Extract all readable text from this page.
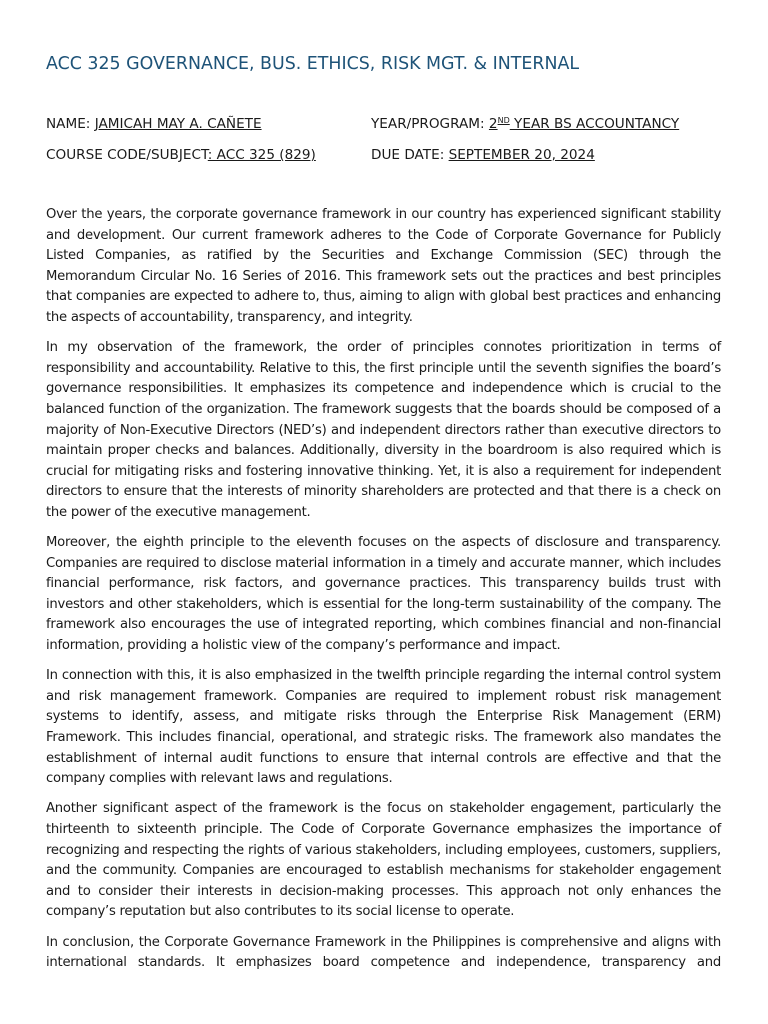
ACC 325 GOVERNANCE, BUS. ETHICS, RISK MGT. & INTERNAL
NAME: JAMICAH MAY A. CAÑETE	YEAR/PROGRAM: 2ND YEAR BS ACCOUNTANCY
COURSE CODE/SUBJECT: ACC 325 (829)	DUE DATE: SEPTEMBER 20, 2024

Over the years, the corporate governance framework in our country has experienced significant stability and development. Our current framework adheres to the Code of Corporate Governance for Publicly Listed Companies, as ratified by the Securities and Exchange Commission (SEC) through the Memorandum Circular No. 16 Series of 2016. This framework sets out the practices and best principles that companies are expected to adhere to, thus, aiming to align with global best practices and enhancing the aspects of accountability, transparency, and integrity.

In my observation of the framework, the order of principles connotes prioritization in terms of responsibility and accountability. Relative to this, the first principle until the seventh signifies the board’s governance responsibilities. It emphasizes its competence and independence which is crucial to the balanced function of the organization. The framework suggests that the boards should be composed of a majority of Non-Executive Directors (NED’s) and independent directors rather than executive directors to maintain proper checks and balances. Additionally, diversity in the boardroom is also required which is crucial for mitigating risks and fostering innovative thinking. Yet, it is also a requirement for independent directors to ensure that the interests of minority shareholders are protected and that there is a check on the power of the executive management.

Moreover, the eighth principle to the eleventh focuses on the aspects of disclosure and transparency. Companies are required to disclose material information in a timely and accurate manner, which includes financial performance, risk factors, and governance practices. This transparency builds trust with investors and other stakeholders, which is essential for the long-term sustainability of the company. The framework also encourages the use of integrated reporting, which combines financial and non-financial information, providing a holistic view of the company’s performance and impact.

In connection with this, it is also emphasized in the twelfth principle regarding the internal control system and risk management framework. Companies are required to implement robust risk management systems to identify, assess, and mitigate risks through the Enterprise Risk Management (ERM) Framework. This includes financial, operational, and strategic risks. The framework also mandates the establishment of internal audit functions to ensure that internal controls are effective and that the company complies with relevant laws and regulations.

Another significant aspect of the framework is the focus on stakeholder engagement, particularly the thirteenth to sixteenth principle. The Code of Corporate Governance emphasizes the importance of recognizing and respecting the rights of various stakeholders, including employees, customers, suppliers, and the community. Companies are encouraged to establish mechanisms for stakeholder engagement and to consider their interests in decision-making processes. This approach not only enhances the company’s reputation but also contributes to its social license to operate.

In conclusion, the Corporate Governance Framework in the Philippines is comprehensive and aligns with international standards. It emphasizes board competence and independence, transparency and
